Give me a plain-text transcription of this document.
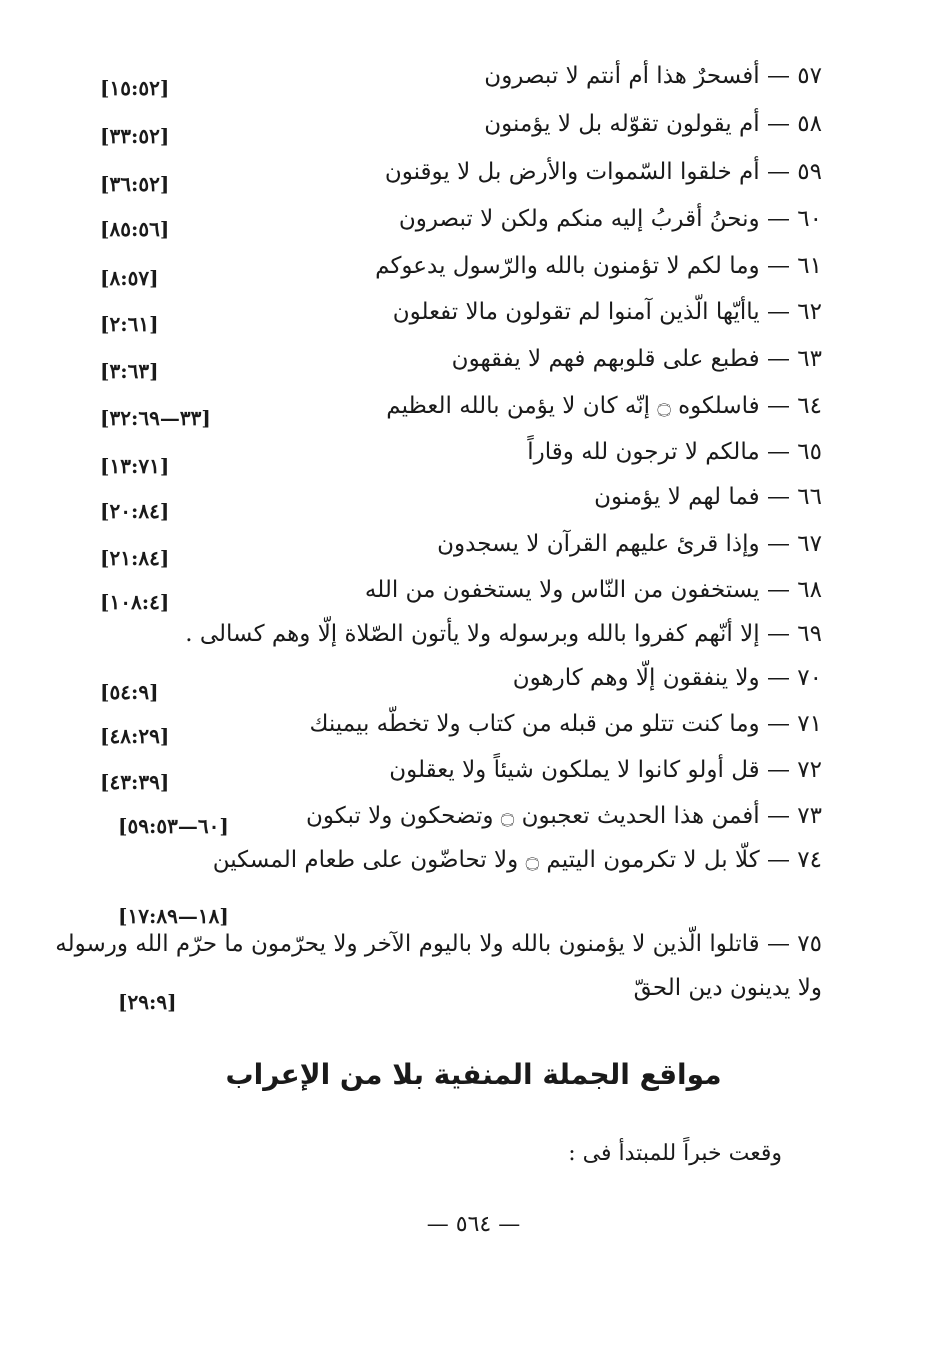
٥٧ — أفسحرٌ هذا أم أنتم لا تبصرون
[١٥:٥٢]
٥٨ — أم يقولون تقوّله بل لا يؤمنون
[٣٣:٥٢]
٥٩ — أم خلقوا السّموات والأرض بل لا يوقنون
[٣٦:٥٢]
٦٠ — ونحنُ أقربُ إليه منكم ولكن لا تبصرون
[٨٥:٥٦]
٦١ — وما لكم لا تؤمنون بالله والرّسول يدعوكم
[٨:٥٧]
٦٢ — ياأيّها الّذين آمنوا لم تقولون مالا تفعلون
[٢:٦١]
٦٣ — فطبع على قلوبهم فهم لا يفقهون
[٣:٦٣]
٦٤ — فاسلكوه ۝ إنّه كان لا يؤمن بالله العظيم
[٣٣—٣٢:٦٩]
٦٥ — مالكم لا ترجون لله وقاراً
[١٣:٧١]
٦٦ — فما لهم لا يؤمنون
[٢٠:٨٤]
٦٧ — وإذا قرئ عليهم القرآن لا يسجدون
[٢١:٨٤]
٦٨ — يستخفون من النّاس ولا يستخفون من الله
[١٠٨:٤]
٦٩ — إلا أنّهم كفروا بالله وبرسوله ولا يأتون الصّلاة إلّا وهم كسالى .
٧٠ — ولا ينفقون إلّا وهم كارهون
[٥٤:٩]
٧١ — وما كنت تتلو من قبله من كتاب ولا تخطّه بيمينك
[٤٨:٢٩]
٧٢ — قل أولو كانوا لا يملكون شيئاً ولا يعقلون
[٤٣:٣٩]
٧٣ — أفمن هذا الحديث تعجبون ۝ وتضحكون ولا تبكون
[٦٠—٥٩:٥٣]
٧٤ — كلّا بل لا تكرمون اليتيم ۝ ولا تحاضّون على طعام المسكين
[١٨—١٧:٨٩]
٧٥ — قاتلوا الّذين لا يؤمنون بالله ولا باليوم الآخر ولا يحرّمون ما حرّم الله ورسوله
ولا يدينون دين الحقّ
[٢٩:٩]
مواقع الجملة المنفية بلا من الإعراب
وقعت خبراً للمبتدأ فى :
— ٥٦٤ —
